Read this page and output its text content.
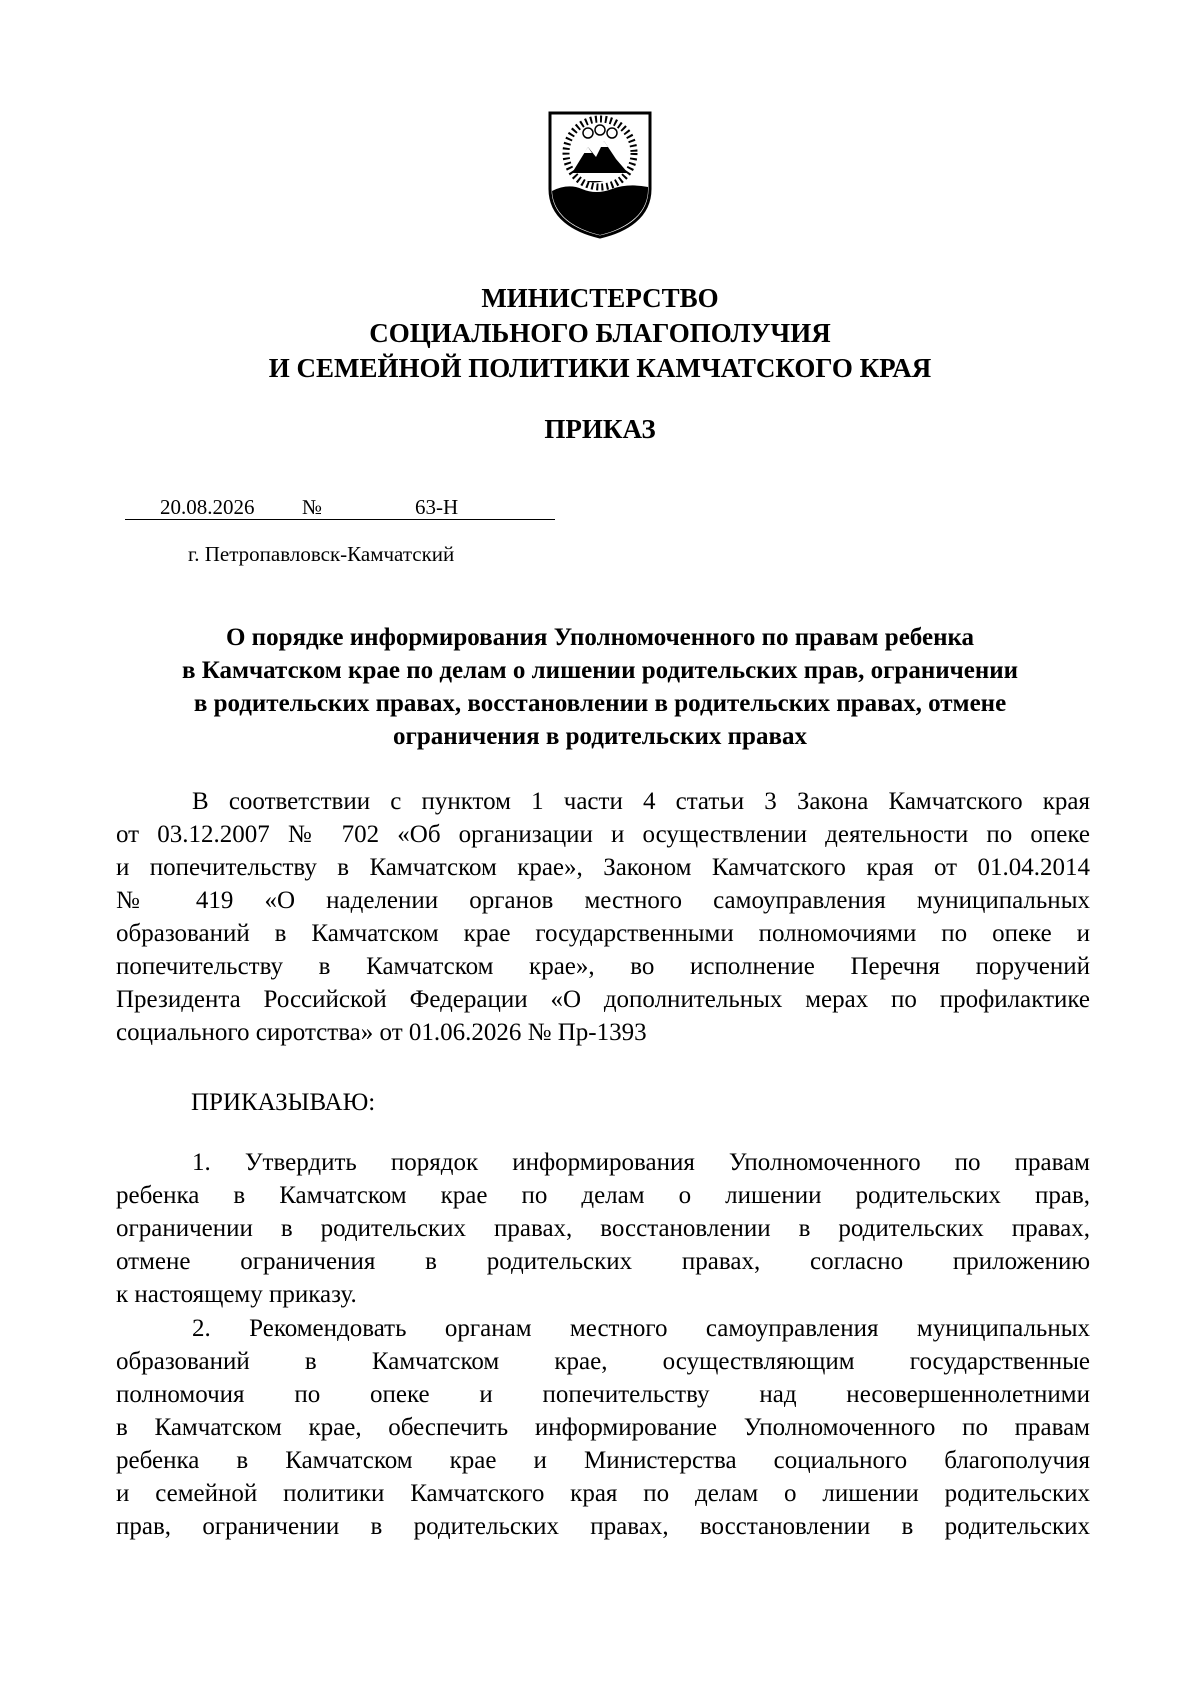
МИНИСТЕРСТВО
СОЦИАЛЬНОГО БЛАГОПОЛУЧИЯ
И СЕМЕЙНОЙ ПОЛИТИКИ КАМЧАТСКОГО КРАЯ
ПРИКАЗ
20.08.2026 №	63-Н
г. Петропавловск-Камчатский
О порядке информирования Уполномоченного по правам ребенка
в Камчатском крае по делам о лишении родительских прав, ограничении
в родительских правах, восстановлении в родительских правах, отмене
ограничения в родительских правах
В соответствии с пунктом 1 части 4 статьи 3 Закона Камчатского края
от 03.12.2007 № 702 «Об организации и осуществлении деятельности по опеке
и попечительству в Камчатском крае», Законом Камчатского края от 01.04.2014
№ 419 «О наделении органов местного самоуправления муниципальных
образований в Камчатском крае государственными полномочиями по опеке и
попечительству в Камчатском крае», во исполнение Перечня поручений
Президента Российской Федерации «О дополнительных мерах по профилактике
социального сиротства» от 01.06.2026 № Пр-1393
ПРИКАЗЫВАЮ:
1. Утвердить порядок информирования Уполномоченного по правам
ребенка в Камчатском крае по делам о лишении родительских прав,
ограничении в родительских правах, восстановлении в родительских правах,
отмене ограничения в родительских правах, согласно приложению
к настоящему приказу.
2. Рекомендовать органам местного самоуправления муниципальных
образований в Камчатском крае, осуществляющим государственные
полномочия по опеке и попечительству над несовершеннолетними
в Камчатском крае, обеспечить информирование Уполномоченного по правам
ребенка в Камчатском крае и Министерства социального благополучия
и семейной политики Камчатского края по делам о лишении родительских
прав, ограничении в родительских правах, восстановлении в родительских
